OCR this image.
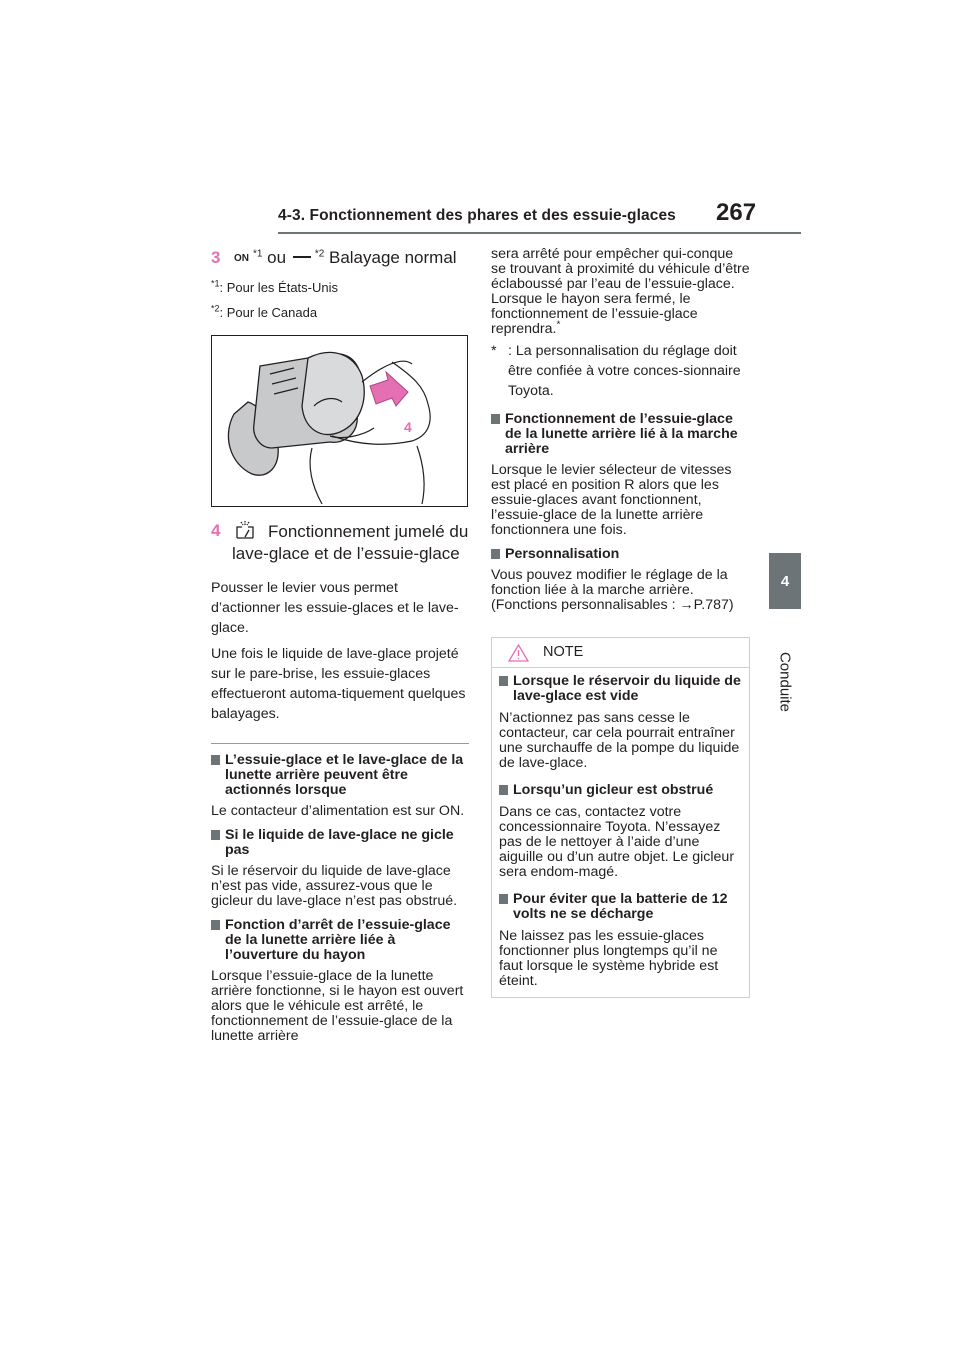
4-3. Fonctionnement des phares et des essuie-glaces 267
4
Conduite
3 ON $^{*1}$ ou $^{*2}$ Balayage normal

$^{*1}$: Pour les États-Unis

$^{*2}$: Pour le Canada

4
4	Fonctionnement jumelé du lave-glace et de l’essuie-glace

Pousser le levier vous permet d’actionner les essuie-glaces et le lave-glace.

Une fois le liquide de lave-glace projeté sur le pare-brise, les essuie-glaces effectueront automa-tiquement quelques balayages.

L’essuie-glace et le lave-glace de la lunette arrière peuvent être actionnés lorsque

Le contacteur d’alimentation est sur ON.

Si le liquide de lave-glace ne gicle pas

Si le réservoir du liquide de lave-glace n’est pas vide, assurez-vous que le gicleur du lave-glace n’est pas obstrué.

Fonction d’arrêt de l’essuie-glace de la lunette arrière liée à l’ouverture du hayon

Lorsque l’essuie-glace de la lunette arrière fonctionne, si le hayon est ouvert alors que le véhicule est arrêté, le fonctionnement de l’essuie-glace de la lunette arrière

sera arrêté pour empêcher qui-conque se trouvant à proximité du véhicule d’être éclaboussé par l’eau de l’essuie-glace. Lorsque le hayon sera fermé, le fonctionnement de l’essuie-glace reprendra.*

* : La personnalisation du réglage doit être confiée à votre conces-sionnaire Toyota.

Fonctionnement de l’essuie-glace de la lunette arrière lié à la marche arrière

Lorsque le levier sélecteur de vitesses est placé en position R alors que les essuie-glaces avant fonctionnent, l’essuie-glace de la lunette arrière fonctionnera une fois.

Personnalisation

Vous pouvez modifier le réglage de la fonction liée à la marche arrière. (Fonctions personnalisables : →P.787)

NOTE
Lorsque le réservoir du liquide de lave-glace est vide

N’actionnez pas sans cesse le contacteur, car cela pourrait entraîner une surchauffe de la pompe du liquide de lave-glace.

Lorsqu’un gicleur est obstrué

Dans ce cas, contactez votre concessionnaire Toyota. N’essayez pas de le nettoyer à l’aide d’une aiguille ou d’un autre objet. Le gicleur sera endom-magé.

Pour éviter que la batterie de 12 volts ne se décharge

Ne laissez pas les essuie-glaces fonctionner plus longtemps qu’il ne faut lorsque le système hybride est éteint.
